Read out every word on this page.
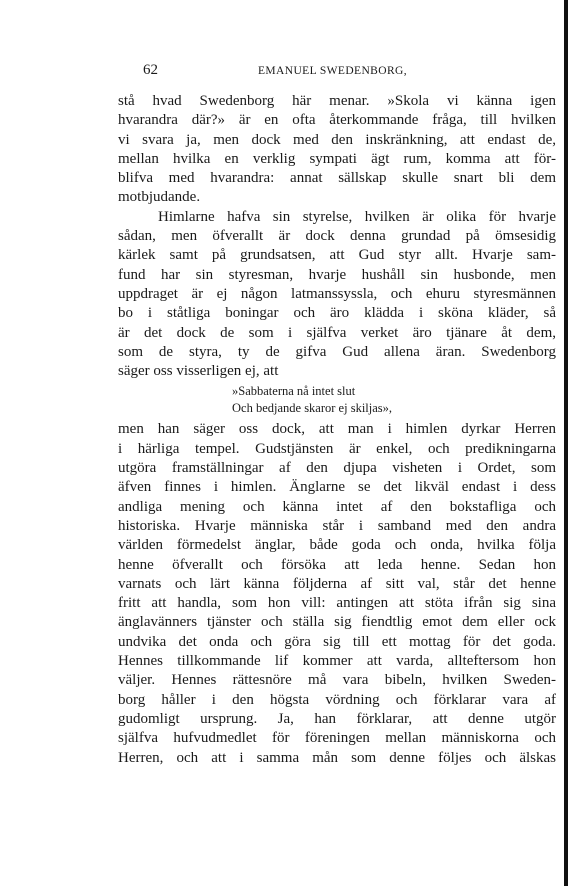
62	EMANUEL SWEDENBORG,
stå hvad Swedenborg här menar. »Skola vi känna igen
hvarandra där?» är en ofta återkommande fråga, till hvilken
vi svara ja, men dock med den inskränkning, att endast de,
mellan hvilka en verklig sympati ägt rum, komma att för-
blifva med hvarandra: annat sällskap skulle snart bli dem
motbjudande.
Himlarne hafva sin styrelse, hvilken är olika för hvarje
sådan, men öfverallt är dock denna grundad på ömsesidig
kärlek samt på grundsatsen, att Gud styr allt. Hvarje sam-
fund har sin styresman, hvarje hushåll sin husbonde, men
uppdraget är ej någon latmanssyssla, och ehuru styresmännen
bo i ståtliga boningar och äro klädda i sköna kläder, så
är det dock de som i själfva verket äro tjänare åt dem,
som de styra, ty de gifva Gud allena äran. Swedenborg
säger oss visserligen ej, att
»Sabbaterna nå intet slut
Och bedjande skaror ej skiljas»,
men han säger oss dock, att man i himlen dyrkar Herren
i härliga tempel. Gudstjänsten är enkel, och predikningarna
utgöra framställningar af den djupa visheten i Ordet, som
äfven finnes i himlen. Änglarne se det likväl endast i dess
andliga mening och känna intet af den bokstafliga och
historiska. Hvarje människa står i samband med den andra
världen förmedelst änglar, både goda och onda, hvilka följa
henne öfverallt och försöka att leda henne. Sedan hon
varnats och lärt känna följderna af sitt val, står det henne
fritt att handla, som hon vill: antingen att stöta ifrån sig sina
änglavänners tjänster och ställa sig fiendtlig emot dem eller ock
undvika det onda och göra sig till ett mottag för det goda.
Hennes tillkommande lif kommer att varda, allteftersom hon
väljer. Hennes rättesnöre må vara bibeln, hvilken Sweden-
borg håller i den högsta vördning och förklarar vara af
gudomligt ursprung. Ja, han förklarar, att denne utgör
själfva hufvudmedlet för föreningen mellan människorna och
Herren, och att i samma mån som denne följes och älskas
